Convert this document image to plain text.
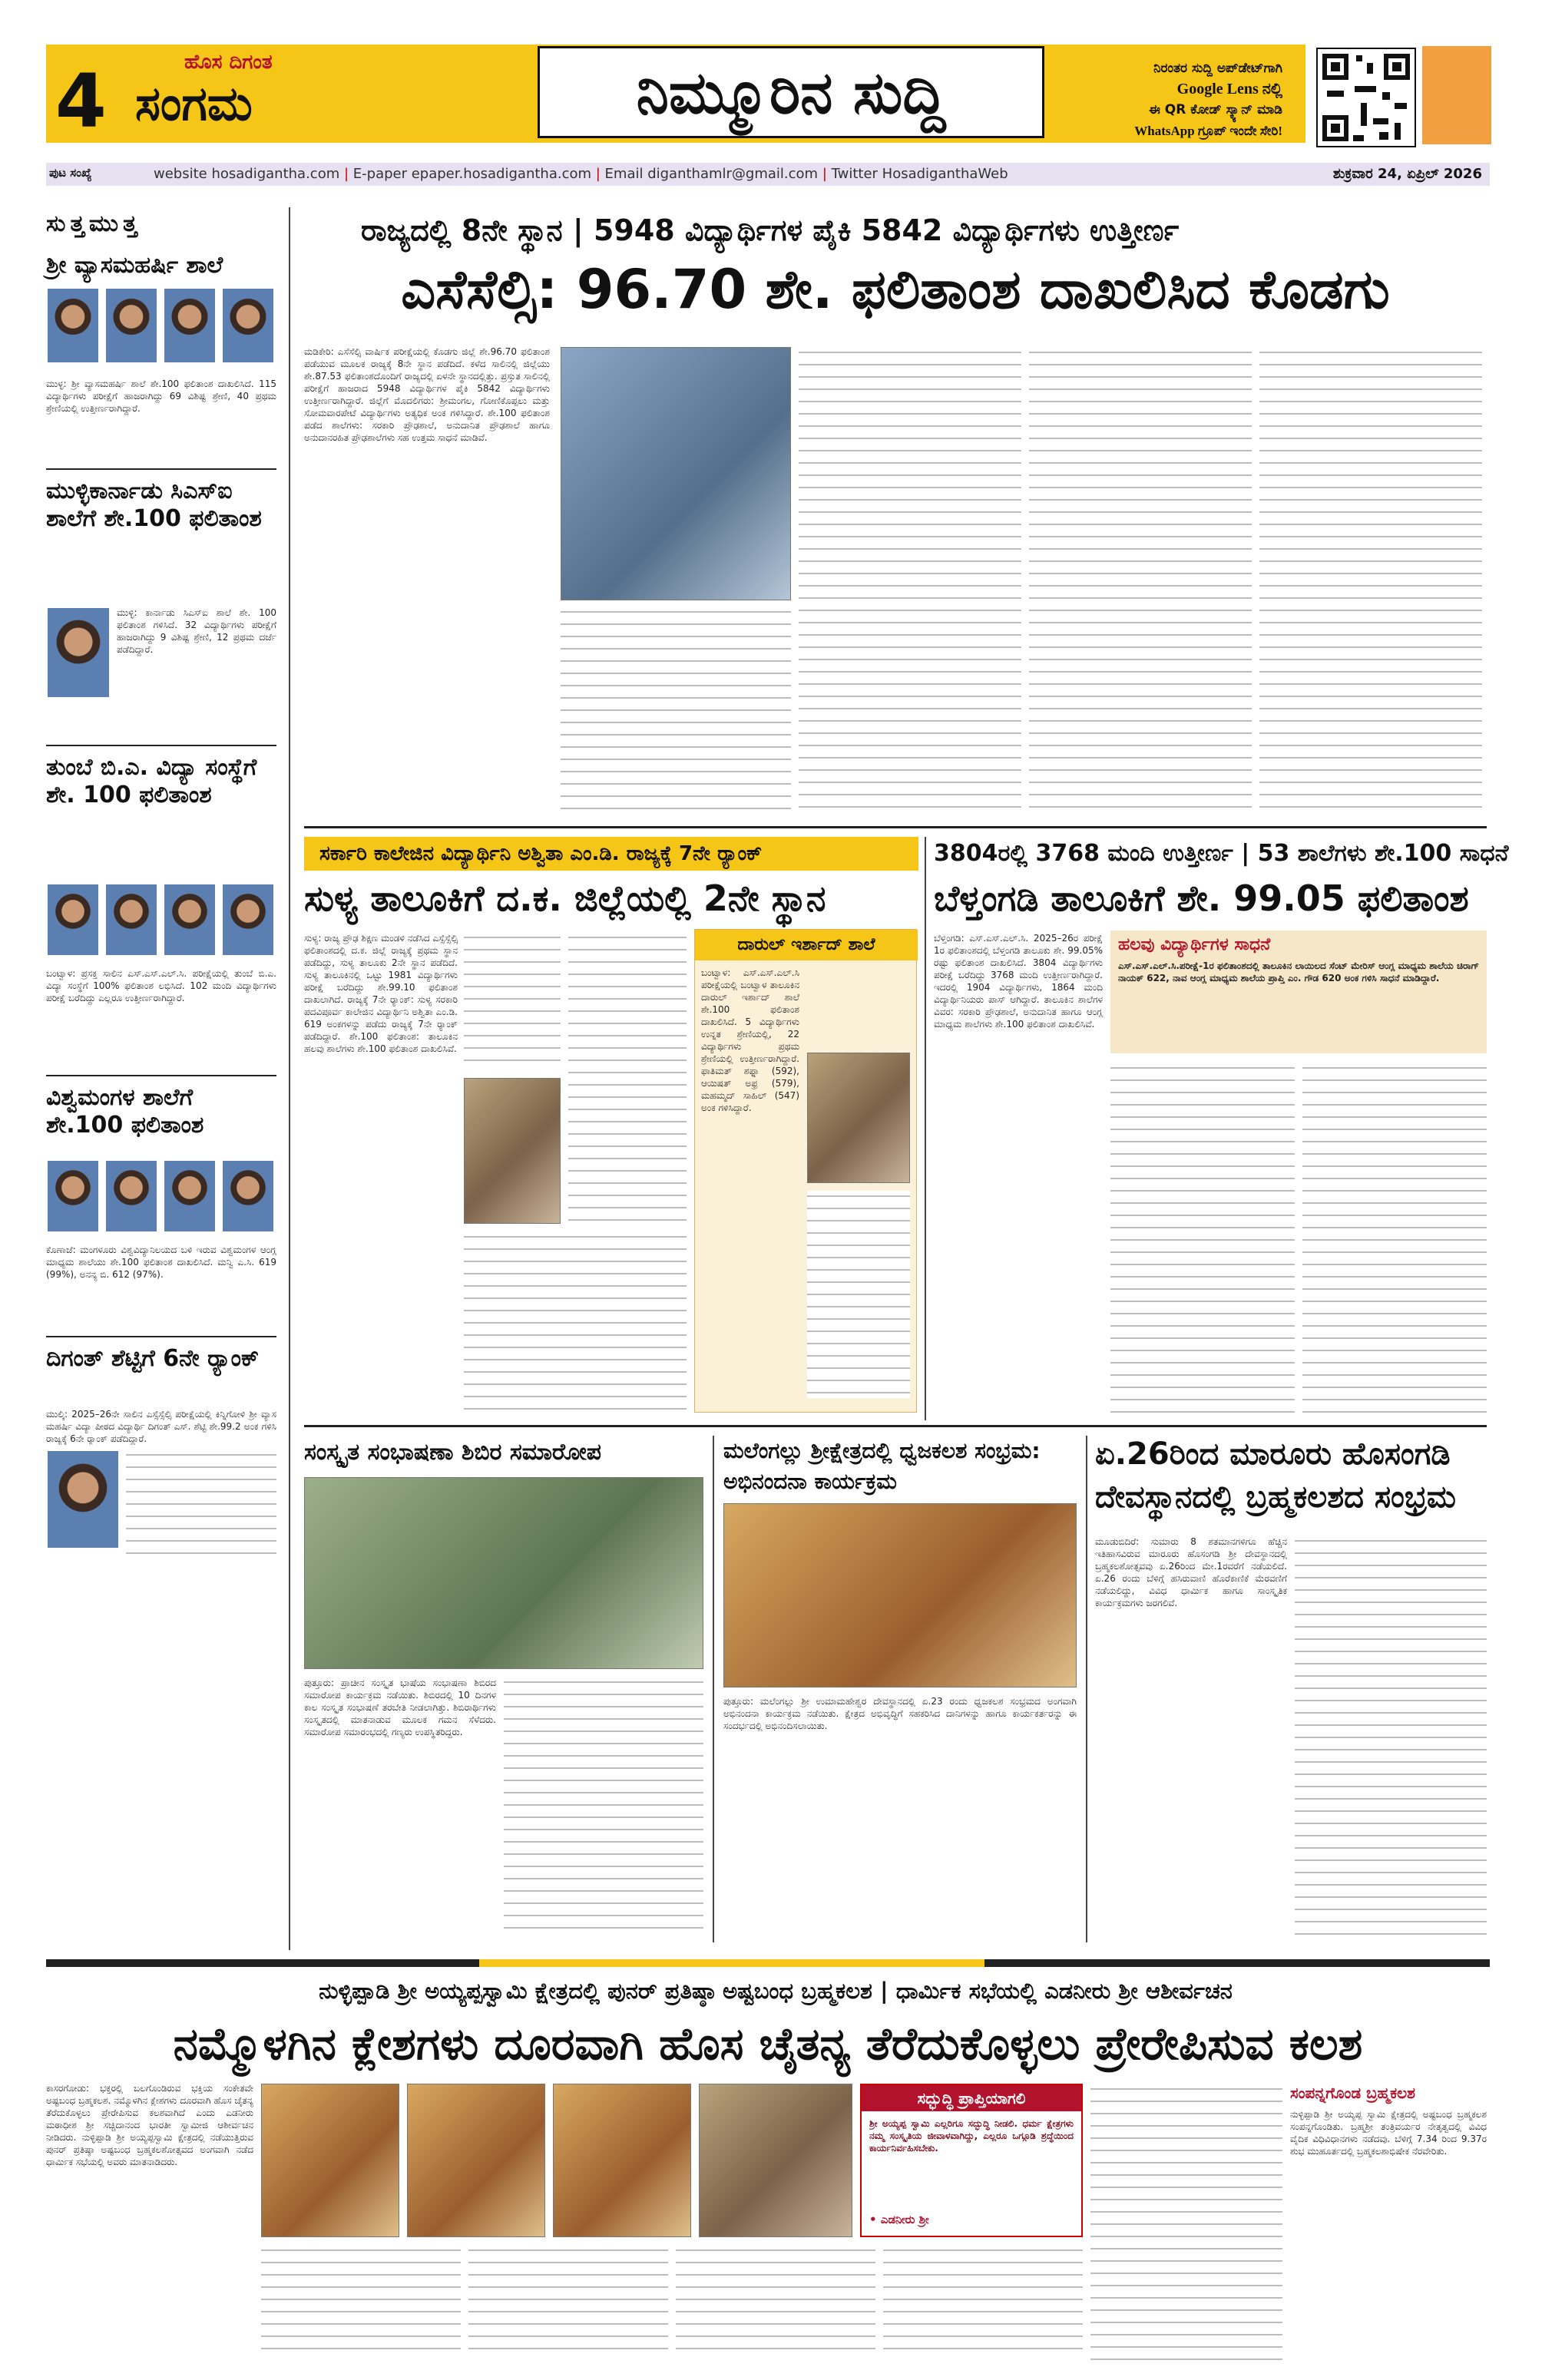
4	ಹೊಸ ದಿಗಂತ
ಸಂಗಮ	ನಿಮ್ಮೂರಿನ ಸುದ್ದಿ	ನಿರಂತರ ಸುದ್ದಿ ಅಪ್‌ಡೇಟ್‌ಗಾಗಿ
Google Lens ನಲ್ಲಿ
ಈ QR ಕೋಡ್ ಸ್ಕ್ಯಾನ್ ಮಾಡಿ
WhatsApp ಗ್ರೂಪ್ ಇಂದೇ ಸೇರಿ!
ಪುಟ ಸಂಖ್ಯೆ	website hosadigantha.com | E-paper epaper.hosadigantha.com | Email diganthamlr@gmail.com | Twitter HosadiganthaWeb	ಶುಕ್ರವಾರ 24, ಏಪ್ರಿಲ್ 2026
ಸುತ್ತಮುತ್ತ
ಶ್ರೀ ವ್ಯಾಸಮಹರ್ಷಿ ಶಾಲೆ
ಮುಳ್ಳ: ಶ್ರೀ ವ್ಯಾಸಮಹರ್ಷಿ ಶಾಲೆ ಶೇ.100 ಫಲಿತಾಂಶ ದಾಖಲಿಸಿದೆ. 115 ವಿದ್ಯಾರ್ಥಿಗಳು ಪರೀಕ್ಷೆಗೆ ಹಾಜರಾಗಿದ್ದು 69 ವಿಶಿಷ್ಟ ಶ್ರೇಣಿ, 40 ಪ್ರಥಮ ಶ್ರೇಣಿಯಲ್ಲಿ ಉತ್ತೀರ್ಣರಾಗಿದ್ದಾರೆ.
ಮುಳ್ಳಿಕಾರ್ನಾಡು ಸಿಎಸ್‌ಐ ಶಾಲೆಗೆ ಶೇ.100 ಫಲಿತಾಂಶ
ಮುಳ್ಳಿ: ಕಾರ್ನಾಡು ಸಿಎಸ್‌ಐ ಶಾಲೆ ಶೇ. 100 ಫಲಿತಾಂಶ ಗಳಿಸಿದೆ. 32 ವಿದ್ಯಾರ್ಥಿಗಳು ಪರೀಕ್ಷೆಗೆ ಹಾಜರಾಗಿದ್ದು 9 ವಿಶಿಷ್ಟ ಶ್ರೇಣಿ, 12 ಪ್ರಥಮ ದರ್ಜೆ ಪಡೆದಿದ್ದಾರೆ.
ತುಂಬೆ ಬಿ.ಎ. ವಿದ್ಯಾ ಸಂಸ್ಥೆಗೆ ಶೇ. 100 ಫಲಿತಾಂಶ
ಬಂಟ್ವಾಳ: ಪ್ರಸಕ್ತ ಸಾಲಿನ ಎಸ್.ಎಸ್.ಎಲ್.ಸಿ. ಪರೀಕ್ಷೆಯಲ್ಲಿ ತುಂಬೆ ಬಿ.ಎ. ವಿದ್ಯಾ ಸಂಸ್ಥೆಗೆ 100% ಫಲಿತಾಂಶ ಲಭಿಸಿದೆ. 102 ಮಂದಿ ವಿದ್ಯಾರ್ಥಿಗಳು ಪರೀಕ್ಷೆ ಬರೆದಿದ್ದು ಎಲ್ಲರೂ ಉತ್ತೀರ್ಣರಾಗಿದ್ದಾರೆ.
ವಿಶ್ವಮಂಗಳ ಶಾಲೆಗೆ ಶೇ.100 ಫಲಿತಾಂಶ
ಕೊಣಾಜೆ: ಮಂಗಳೂರು ವಿಶ್ವವಿದ್ಯಾನಿಲಯದ ಬಳಿ ಇರುವ ವಿಶ್ವಮಂಗಳ ಆಂಗ್ಲ ಮಾಧ್ಯಮ ಶಾಲೆಯು ಶೇ.100 ಫಲಿತಾಂಶ ದಾಖಲಿಸಿದೆ. ಮನ್ವಿ ಎ.ಸಿ. 619 (99%), ಅನನ್ಯ ಬಿ. 612 (97%).
ದಿಗಂತ್ ಶೆಟ್ಟಿಗೆ 6ನೇ ರ್‍ಯಾಂಕ್
ಮುಲ್ಕಿ: 2025–26ನೇ ಸಾಲಿನ ಎಸ್ಸೆಸ್ಸೆಲ್ಸಿ ಪರೀಕ್ಷೆಯಲ್ಲಿ ಕಿನ್ನಿಗೋಳಿ ಶ್ರೀ ವ್ಯಾಸ ಮಹರ್ಷಿ ವಿದ್ಯಾ ಪೀಠದ ವಿದ್ಯಾರ್ಥಿ ದಿಗಂತ್ ಎಸ್. ಶೆಟ್ಟಿ ಶೇ.99.2 ಅಂಕ ಗಳಿಸಿ ರಾಜ್ಯಕ್ಕೆ 6ನೇ ರ್‍ಯಾಂಕ್ ಪಡೆದಿದ್ದಾರೆ.
ರಾಜ್ಯದಲ್ಲಿ 8ನೇ ಸ್ಥಾನ | 5948 ವಿದ್ಯಾರ್ಥಿಗಳ ಪೈಕಿ 5842 ವಿದ್ಯಾರ್ಥಿಗಳು ಉತ್ತೀರ್ಣ
ಎಸೆಸೆಲ್ಸಿ: 96.70 ಶೇ. ಫಲಿತಾಂಶ ದಾಖಲಿಸಿದ ಕೊಡಗು
ಮಡಿಕೇರಿ: ಎಸೆಸೆಲ್ಸಿ ವಾರ್ಷಿಕ ಪರೀಕ್ಷೆಯಲ್ಲಿ ಕೊಡಗು ಜಿಲ್ಲೆ ಶೇ.96.70 ಫಲಿತಾಂಶ ಪಡೆಯುವ ಮೂಲಕ ರಾಜ್ಯಕ್ಕೆ 8ನೇ ಸ್ಥಾನ ಪಡೆದಿದೆ. ಕಳೆದ ಸಾಲಿನಲ್ಲಿ ಜಿಲ್ಲೆಯು ಶೇ.87.53 ಫಲಿತಾಂಶದೊಂದಿಗೆ ರಾಜ್ಯದಲ್ಲಿ ಏಳನೇ ಸ್ಥಾನದಲ್ಲಿತ್ತು. ಪ್ರಸ್ತುತ ಸಾಲಿನಲ್ಲಿ ಪರೀಕ್ಷೆಗೆ ಹಾಜರಾದ 5948 ವಿದ್ಯಾರ್ಥಿಗಳ ಪೈಕಿ 5842 ವಿದ್ಯಾರ್ಥಿಗಳು ಉತ್ತೀರ್ಣರಾಗಿದ್ದಾರೆ. ಜಿಲ್ಲೆಗೆ ಮೊದಲಿಗರು: ಶ್ರೀಮಂಗಲ, ಗೋಣಿಕೊಪ್ಪಲು ಮತ್ತು ಸೋಮವಾರಪೇಟೆ ವಿದ್ಯಾರ್ಥಿಗಳು ಅತ್ಯಧಿಕ ಅಂಕ ಗಳಿಸಿದ್ದಾರೆ. ಶೇ.100 ಫಲಿತಾಂಶ ಪಡೆದ ಶಾಲೆಗಳು: ಸರಕಾರಿ ಪ್ರೌಢಶಾಲೆ, ಅನುದಾನಿತ ಪ್ರೌಢಶಾಲೆ ಹಾಗೂ ಅನುದಾನರಹಿತ ಪ್ರೌಢಶಾಲೆಗಳು ಸಹ ಉತ್ತಮ ಸಾಧನೆ ಮಾಡಿವೆ.
ಸರ್ಕಾರಿ ಕಾಲೇಜಿನ ವಿದ್ಯಾರ್ಥಿನಿ ಅಶ್ವಿತಾ ಎಂ.ಡಿ. ರಾಜ್ಯಕ್ಕೆ 7ನೇ ರ್‍ಯಾಂಕ್
ಸುಳ್ಯ ತಾಲೂಕಿಗೆ ದ.ಕ. ಜಿಲ್ಲೆಯಲ್ಲಿ 2ನೇ ಸ್ಥಾನ
ಸುಳ್ಯ: ರಾಜ್ಯ ಪ್ರೌಢ ಶಿಕ್ಷಣ ಮಂಡಳಿ ನಡೆಸಿದ ಎಸ್ಸೆಸ್ಸೆಲ್ಸಿ ಫಲಿತಾಂಶದಲ್ಲಿ ದ.ಕ. ಜಿಲ್ಲೆ ರಾಜ್ಯಕ್ಕೆ ಪ್ರಥಮ ಸ್ಥಾನ ಪಡೆದಿದ್ದು, ಸುಳ್ಯ ತಾಲೂಕು 2ನೇ ಸ್ಥಾನ ಪಡೆದಿದೆ. ಸುಳ್ಯ ತಾಲೂಕಿನಲ್ಲಿ ಒಟ್ಟು 1981 ವಿದ್ಯಾರ್ಥಿಗಳು ಪರೀಕ್ಷೆ ಬರೆದಿದ್ದು ಶೇ.99.10 ಫಲಿತಾಂಶ ದಾಖಲಾಗಿದೆ. ರಾಜ್ಯಕ್ಕೆ 7ನೇ ರ್‍ಯಾಂಕ್: ಸುಳ್ಯ ಸರಕಾರಿ ಪದವಿಪೂರ್ವ ಕಾಲೇಜಿನ ವಿದ್ಯಾರ್ಥಿನಿ ಅಶ್ವಿತಾ ಎಂ.ಡಿ. 619 ಅಂಕಗಳನ್ನು ಪಡೆದು ರಾಜ್ಯಕ್ಕೆ 7ನೇ ರ್‍ಯಾಂಕ್ ಪಡೆದಿದ್ದಾರೆ. ಶೇ.100 ಫಲಿತಾಂಶ: ತಾಲೂಕಿನ ಹಲವು ಶಾಲೆಗಳು ಶೇ.100 ಫಲಿತಾಂಶ ದಾಖಲಿಸಿವೆ.
ದಾರುಲ್ ಇರ್ಶಾದ್ ಶಾಲೆ
ಬಂಟ್ವಾಳ: ಎಸ್.ಎಸ್.ಎಲ್.ಸಿ ಪರೀಕ್ಷೆಯಲ್ಲಿ ಬಂಟ್ವಾಳ ತಾಲೂಕಿನ ದಾರುಲ್ ಇರ್ಶಾದ್ ಶಾಲೆ ಶೇ.100 ಫಲಿತಾಂಶ ದಾಖಲಿಸಿದೆ. 5 ವಿದ್ಯಾರ್ಥಿಗಳು ಉನ್ನತ ಶ್ರೇಣಿಯಲ್ಲಿ, 22 ವಿದ್ಯಾರ್ಥಿಗಳು ಪ್ರಥಮ ಶ್ರೇಣಿಯಲ್ಲಿ ಉತ್ತೀರ್ಣರಾಗಿದ್ದಾರೆ. ಫಾತಿಮತ್ ಶಫ್ನಾ (592), ಆಯಿಷತ್ ಅಫ್ರ (579), ಮಹಮ್ಮದ್ ಸಾಹಿಲ್ (547) ಅಂಕ ಗಳಿಸಿದ್ದಾರೆ.
3804ರಲ್ಲಿ 3768 ಮಂದಿ ಉತ್ತೀರ್ಣ | 53 ಶಾಲೆಗಳು ಶೇ.100 ಸಾಧನೆ
ಬೆಳ್ತಂಗಡಿ ತಾಲೂಕಿಗೆ ಶೇ. 99.05 ಫಲಿತಾಂಶ
ಬೆಳ್ತಂಗಡಿ: ಎಸ್.ಎಸ್.ಎಲ್.ಸಿ. 2025–26ರ ಪರೀಕ್ಷೆ 1ರ ಫಲಿತಾಂಶದಲ್ಲಿ ಬೆಳ್ತಂಗಡಿ ತಾಲೂಕು ಶೇ. 99.05% ರಷ್ಟು ಫಲಿತಾಂಶ ದಾಖಲಿಸಿದೆ. 3804 ವಿದ್ಯಾರ್ಥಿಗಳು ಪರೀಕ್ಷೆ ಬರೆದಿದ್ದು 3768 ಮಂದಿ ಉತ್ತೀರ್ಣರಾಗಿದ್ದಾರೆ. ಇದರಲ್ಲಿ 1904 ವಿದ್ಯಾರ್ಥಿಗಳು, 1864 ಮಂದಿ ವಿದ್ಯಾರ್ಥಿನಿಯರು ಪಾಸ್ ಆಗಿದ್ದಾರೆ. ತಾಲೂಕಿನ ಶಾಲೆಗಳ ವಿವರ: ಸರಕಾರಿ ಪ್ರೌಢಶಾಲೆ, ಅನುದಾನಿತ ಹಾಗೂ ಆಂಗ್ಲ ಮಾಧ್ಯಮ ಶಾಲೆಗಳು ಶೇ.100 ಫಲಿತಾಂಶ ದಾಖಲಿಸಿವೆ.
ಹಲವು ವಿದ್ಯಾರ್ಥಿಗಳ ಸಾಧನೆ
ಎಸ್.ಎಸ್.ಎಲ್.ಸಿ.ಪರೀಕ್ಷೆ-1ರ ಫಲಿತಾಂಶದಲ್ಲಿ ತಾಲೂಕಿನ ಲಾಯಿಲದ ಸೆಂಟ್ ಮೇರಿಸ್ ಆಂಗ್ಲ ಮಾಧ್ಯಮ ಶಾಲೆಯ ಚಿರಾಗ್ ನಾಯಕ್ 622, ನಾವ ಆಂಗ್ಲ ಮಾಧ್ಯಮ ಶಾಲೆಯ ಪ್ರಾಪ್ತಿ ಎಂ. ಗೌಡ 620 ಅಂಕ ಗಳಿಸಿ ಸಾಧನೆ ಮಾಡಿದ್ದಾರೆ.
ಸಂಸ್ಕೃತ ಸಂಭಾಷಣಾ ಶಿಬಿರ ಸಮಾರೋಪ
ಪುತ್ತೂರು: ಪ್ರಾಚೀನ ಸಂಸ್ಕೃತ ಭಾಷೆಯ ಸಂಭಾಷಣಾ ಶಿಬಿರದ ಸಮಾರೋಪ ಕಾರ್ಯಕ್ರಮ ನಡೆಯಿತು. ಶಿಬಿರದಲ್ಲಿ 10 ದಿನಗಳ ಕಾಲ ಸಂಸ್ಕೃತ ಸಂಭಾಷಣೆ ತರಬೇತಿ ನೀಡಲಾಗಿತ್ತು. ಶಿಬಿರಾರ್ಥಿಗಳು ಸಂಸ್ಕೃತದಲ್ಲಿ ಮಾತನಾಡುವ ಮೂಲಕ ಗಮನ ಸೆಳೆದರು. ಸಮಾರೋಪ ಸಮಾರಂಭದಲ್ಲಿ ಗಣ್ಯರು ಉಪಸ್ಥಿತರಿದ್ದರು.
ಮಲೆಂಗಲ್ಲು ಶ್ರೀಕ್ಷೇತ್ರದಲ್ಲಿ ಧ್ವಜಕಲಶ ಸಂಭ್ರಮ: ಅಭಿನಂದನಾ ಕಾರ್ಯಕ್ರಮ
ಪುತ್ತೂರು: ಮಲೆಂಗಲ್ಲು ಶ್ರೀ ಉಮಾಮಹೇಶ್ವರ ದೇವಸ್ಥಾನದಲ್ಲಿ ಏ.23 ರಂದು ಧ್ವಜಕಲಶ ಸಂಭ್ರಮದ ಅಂಗವಾಗಿ ಅಭಿನಂದನಾ ಕಾರ್ಯಕ್ರಮ ನಡೆಯಿತು. ಕ್ಷೇತ್ರದ ಅಭಿವೃದ್ಧಿಗೆ ಸಹಕರಿಸಿದ ದಾನಿಗಳನ್ನು ಹಾಗೂ ಕಾರ್ಯಕರ್ತರನ್ನು ಈ ಸಂದರ್ಭದಲ್ಲಿ ಅಭಿನಂದಿಸಲಾಯಿತು.
ಏ.26ರಿಂದ ಮಾರೂರು ಹೊಸಂಗಡಿ ದೇವಸ್ಥಾನದಲ್ಲಿ ಬ್ರಹ್ಮಕಲಶದ ಸಂಭ್ರಮ
ಮೂಡುಬಿದಿರೆ: ಸುಮಾರು 8 ಶತಮಾನಗಳಿಗೂ ಹೆಚ್ಚಿನ ಇತಿಹಾಸವಿರುವ ಮಾರೂರು ಹೊಸಂಗಡಿ ಶ್ರೀ ದೇವಸ್ಥಾನದಲ್ಲಿ ಬ್ರಹ್ಮಕಲಶೋತ್ಸವವು ಏ.26ರಿಂದ ಮೇ.1ರವರೆಗೆ ನಡೆಯಲಿದೆ. ಏ.26 ರಂದು ಬೆಳಿಗ್ಗೆ ಹಸಿರುವಾಣಿ ಹೊರೆಕಾಣಿಕೆ ಮೆರವಣಿಗೆ ನಡೆಯಲಿದ್ದು, ವಿವಿಧ ಧಾರ್ಮಿಕ ಹಾಗೂ ಸಾಂಸ್ಕೃತಿಕ ಕಾರ್ಯಕ್ರಮಗಳು ಜರಗಲಿವೆ.
ನುಳ್ಳಿಪ್ಪಾಡಿ ಶ್ರೀ ಅಯ್ಯಪ್ಪಸ್ವಾಮಿ ಕ್ಷೇತ್ರದಲ್ಲಿ ಪುನರ್ ಪ್ರತಿಷ್ಠಾ ಅಷ್ಟಬಂಧ ಬ್ರಹ್ಮಕಲಶ | ಧಾರ್ಮಿಕ ಸಭೆಯಲ್ಲಿ ಎಡನೀರು ಶ್ರೀ ಆಶೀರ್ವಚನ
ನಮ್ಮೊಳಗಿನ ಕ್ಲೇಶಗಳು ದೂರವಾಗಿ ಹೊಸ ಚೈತನ್ಯ ತೆರೆದುಕೊಳ್ಳಲು ಪ್ರೇರೇಪಿಸುವ ಕಲಶ
ಕಾಸರಗೋಡು: ಭಕ್ತರಲ್ಲಿ ಬಲಗೊಂಡಿರುವ ಭಕ್ತಿಯ ಸಂಕೇತವೇ ಅಷ್ಟಬಂಧ ಬ್ರಹ್ಮಕಲಶ. ನಮ್ಮೊಳಗಿನ ಕ್ಲೇಶಗಳು ದೂರವಾಗಿ ಹೊಸ ಚೈತನ್ಯ ತೆರೆದುಕೊಳ್ಳಲು ಪ್ರೇರೇಪಿಸುವ ಕಲಶವಾಗಿದೆ ಎಂದು ಎಡನೀರು ಮಠಾಧೀಶ ಶ್ರೀ ಸಚ್ಚಿದಾನಂದ ಭಾರತೀ ಸ್ವಾಮೀಜಿ ಆಶೀರ್ವಚನ ನೀಡಿದರು. ನುಳ್ಳಿಪ್ಪಾಡಿ ಶ್ರೀ ಅಯ್ಯಪ್ಪಸ್ವಾಮಿ ಕ್ಷೇತ್ರದಲ್ಲಿ ನಡೆಯುತ್ತಿರುವ ಪುನರ್ ಪ್ರತಿಷ್ಠಾ ಅಷ್ಟಬಂಧ ಬ್ರಹ್ಮಕಲಶೋತ್ಸವದ ಅಂಗವಾಗಿ ನಡೆದ ಧಾರ್ಮಿಕ ಸಭೆಯಲ್ಲಿ ಅವರು ಮಾತನಾಡಿದರು.
ಸದ್ಭುದ್ಧಿ ಪ್ರಾಪ್ತಿಯಾಗಲಿ
ಶ್ರೀ ಅಯ್ಯಪ್ಪ ಸ್ವಾಮಿ ಎಲ್ಲರಿಗೂ ಸದ್ಭುದ್ಧಿ ನೀಡಲಿ. ಧರ್ಮ ಕ್ಷೇತ್ರಗಳು ನಮ್ಮ ಸಂಸ್ಕೃತಿಯ ಜೀವಾಳವಾಗಿದ್ದು, ಎಲ್ಲರೂ ಒಗ್ಗೂಡಿ ಶ್ರದ್ಧೆಯಿಂದ ಕಾರ್ಯನಿರ್ವಹಿಸಬೇಕು.
• ಎಡನೀರು ಶ್ರೀ
ಸಂಪನ್ನಗೊಂಡ ಬ್ರಹ್ಮಕಲಶ
ನುಳ್ಳಿಪ್ಪಾಡಿ ಶ್ರೀ ಅಯ್ಯಪ್ಪ ಸ್ವಾಮಿ ಕ್ಷೇತ್ರದಲ್ಲಿ ಅಷ್ಟಬಂಧ ಬ್ರಹ್ಮಕಲಶ ಸಂಪನ್ನಗೊಂಡಿತು. ಬ್ರಹ್ಮಶ್ರೀ ತಂತ್ರಿವರ್ಯರ ನೇತೃತ್ವದಲ್ಲಿ ವಿವಿಧ ವೈದಿಕ ವಿಧಿವಿಧಾನಗಳು ನಡೆದವು. ಬೆಳಿಗ್ಗೆ 7.34 ರಿಂದ 9.37ರ ಶುಭ ಮುಹೂರ್ತದಲ್ಲಿ ಬ್ರಹ್ಮಕಲಶಾಭಿಷೇಕ ನೆರವೇರಿತು.
